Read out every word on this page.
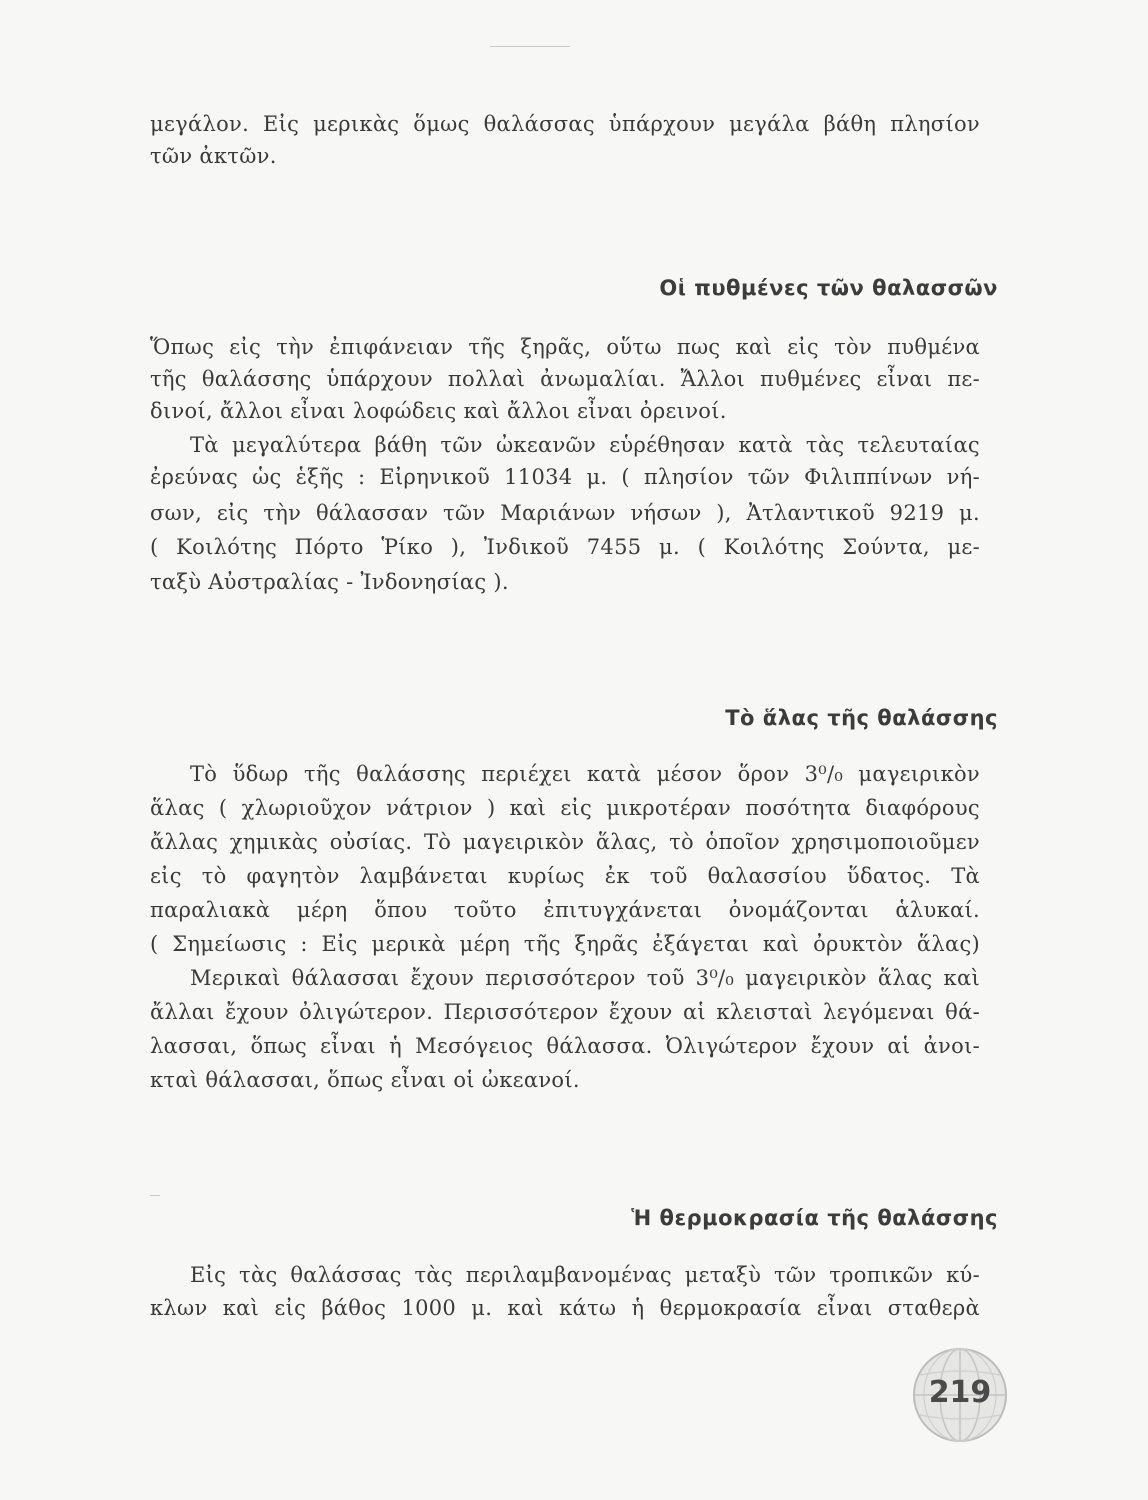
μεγάλον. Εἰς μερικὰς ὅμως θαλάσσας ὑπάρχουν μεγάλα βάθη πλησίον
τῶν ἀκτῶν.
Οἱ πυθμένες τῶν θαλασσῶν
Ὅπως εἰς τὴν ἐπιφάνειαν τῆς ξηρᾶς, οὕτω πως καὶ εἰς τὸν πυθμένα
τῆς θαλάσσης ὑπάρχουν πολλαὶ ἀνωμαλίαι. Ἄλλοι πυθμένες εἶναι πε-
δινοί, ἄλλοι εἶναι λοφώδεις καὶ ἄλλοι εἶναι ὀρεινοί.
Τὰ μεγαλύτερα βάθη τῶν ὠκεανῶν εὑρέθησαν κατὰ τὰς τελευταίας
ἐρεύνας ὡς ἑξῆς : Εἰρηνικοῦ 11034 μ. ( πλησίον τῶν Φιλιππίνων νή-
σων, εἰς τὴν θάλασσαν τῶν Μαριάνων νήσων ), Ἀτλαντικοῦ 9219 μ.
( Κοιλότης Πόρτο Ῥίκο ), Ἰνδικοῦ 7455 μ. ( Κοιλότης Σούντα, με-
ταξὺ Αὐστραλίας - Ἰνδονησίας ).
Τὸ ἅλας τῆς θαλάσσης
Τὸ ὕδωρ τῆς θαλάσσης περιέχει κατὰ μέσον ὅρον 3⁰/₀ μαγειρικὸν
ἅλας ( χλωριοῦχον νάτριον ) καὶ εἰς μικροτέραν ποσότητα διαφόρους
ἄλλας χημικὰς οὐσίας. Τὸ μαγειρικὸν ἅλας, τὸ ὁποῖον χρησιμοποιοῦμεν
εἰς τὸ φαγητὸν λαμβάνεται κυρίως ἐκ τοῦ θαλασσίου ὕδατος. Τὰ
παραλιακὰ μέρη ὅπου τοῦτο ἐπιτυγχάνεται ὀνομάζονται ἁλυκαί.
( Σημείωσις : Εἰς μερικὰ μέρη τῆς ξηρᾶς ἐξάγεται καὶ ὀρυκτὸν ἅλας)
Μερικαὶ θάλασσαι ἔχουν περισσότερον τοῦ 3⁰/₀ μαγειρικὸν ἅλας καὶ
ἄλλαι ἔχουν ὀλιγώτερον. Περισσότερον ἔχουν αἱ κλεισταὶ λεγόμεναι θά-
λασσαι, ὅπως εἶναι ἡ Μεσόγειος θάλασσα. Ὀλιγώτερον ἔχουν αἱ ἀνοι-
κταὶ θάλασσαι, ὅπως εἶναι οἱ ὠκεανοί.
Ἡ θερμοκρασία τῆς θαλάσσης
Εἰς τὰς θαλάσσας τὰς περιλαμβανομένας μεταξὺ τῶν τροπικῶν κύ-
κλων καὶ εἰς βάθος 1000 μ. καὶ κάτω ἡ θερμοκρασία εἶναι σταθερὰ
219
